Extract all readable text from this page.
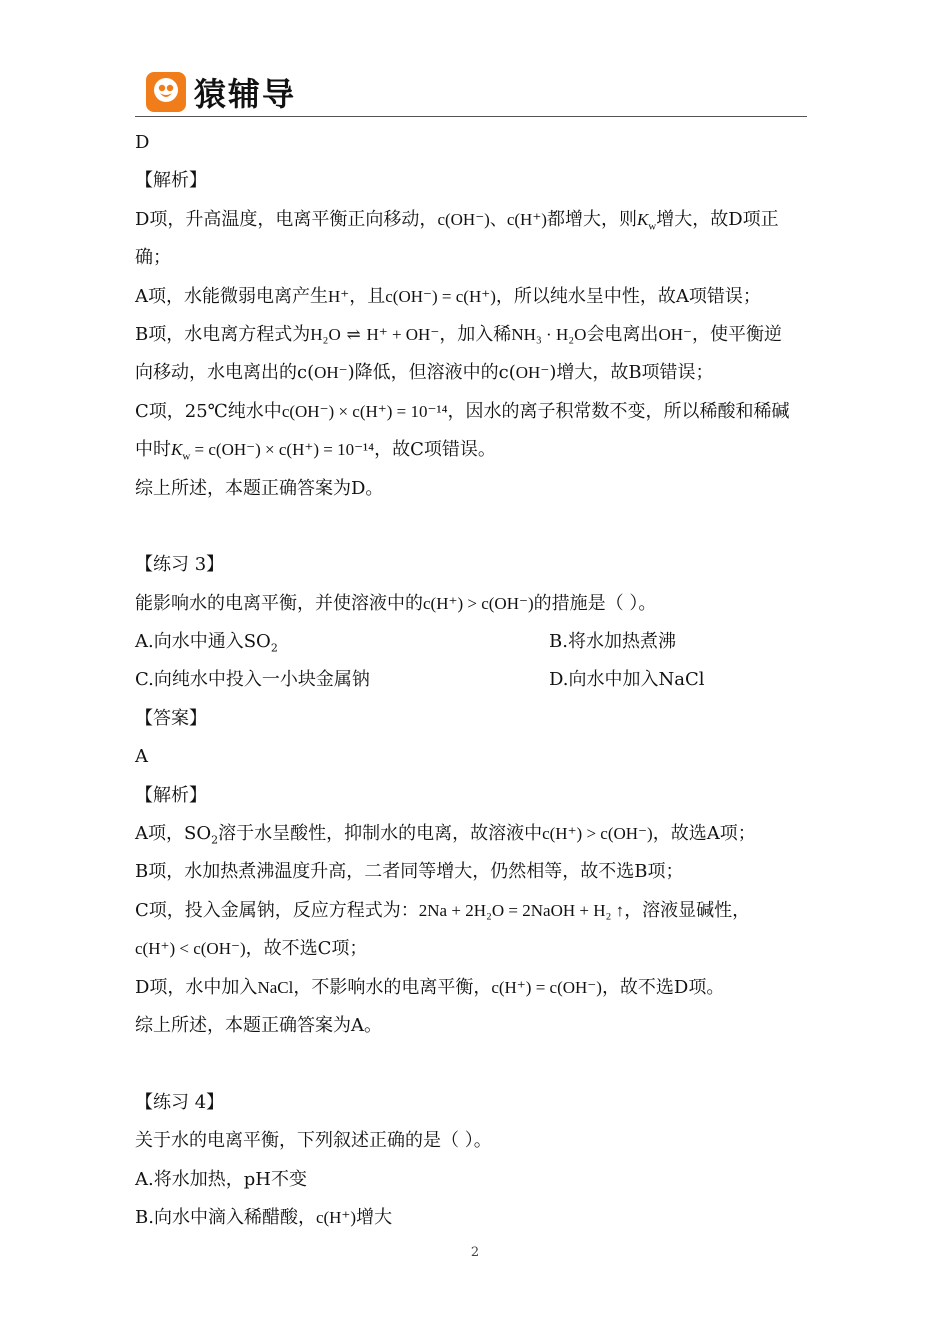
猿辅导
D
【解析】
D项，升高温度，电离平衡正向移动，c(OH⁻)、c(H⁺)都增大，则$K_w$增大，故D项正
确；
A项，水能微弱电离产生H⁺，且c(OH⁻) = c(H⁺)，所以纯水呈中性，故A项错误；
B项，水电离方程式为H₂O ⇌ H⁺ + OH⁻，加入稀NH₃ · H₂O会电离出OH⁻，使平衡逆
向移动，水电离出的c(OH⁻)降低，但溶液中的c(OH⁻)增大，故B项错误；
C项，25℃纯水中c(OH⁻) × c(H⁺) = 10⁻¹⁴，因水的离子积常数不变，所以稀酸和稀碱
中时$K_w = c(OH^-) \times c(H^+) = 10^{-14}$，故C项错误。
综上所述，本题正确答案为D。
【练习 3】
能影响水的电离平衡，并使溶液中的c(H⁺) > c(OH⁻)的措施是（ ）。
A.向水中通入$SO_2$	B.将水加热煮沸
C.向纯水中投入一小块金属钠	D.向水中加入NaCl
【答案】
A
【解析】
A项，$SO_2$溶于水呈酸性，抑制水的电离，故溶液中c(H⁺) > c(OH⁻)，故选A项；
B项，水加热煮沸温度升高，二者同等增大，仍然相等，故不选B项；
C项，投入金属钠，反应方程式为：2Na + 2H₂O = 2NaOH + H₂ ↑，溶液显碱性，
c(H⁺) < c(OH⁻)，故不选C项；
D项，水中加入NaCl，不影响水的电离平衡，c(H⁺) = c(OH⁻)，故不选D项。
综上所述，本题正确答案为A。
【练习 4】
关于水的电离平衡，下列叙述正确的是（ ）。
A.将水加热，pH不变
B.向水中滴入稀醋酸，c(H⁺)增大
2
